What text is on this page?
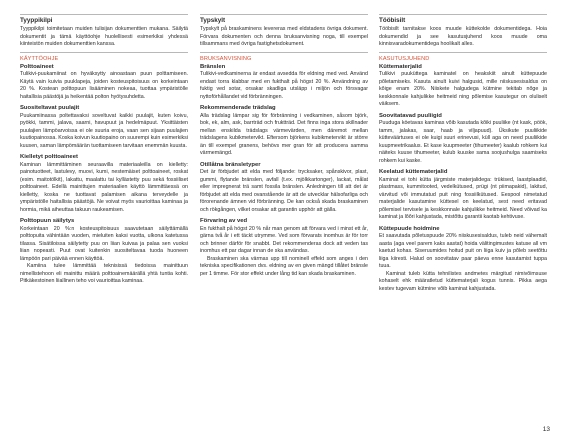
Tyyppikilpi

Tyyppikilpi toimitetaan muiden tulisijan dokumenttien mukana. Säilytä dokumentit ja tämä käyttöohje huolellisesti esimerkiksi yhdessä kiinteistön muiden dokumenttien kanssa.

KÄYTTÖOHJE
Polttoaineet

Tulikivi-puukamiinat on hyväksytty ainoastaan puun polttamiseen. Käytä vain kuivia puuklapeja, joiden kosteuspitoisuus on korkeintaan 20 %. Kostean polttopuun lisääminen nokeaa, tuottaa ympäristölle haitallisia päästöjä ja heikentää polton hyötysuhdetta.

Suositeltavat puulajit

Puukamiinassa poltettavaksi soveltuvat kaikki puulajit, kuten koivu, pyökki, tammi, jalava, saarni, havupuut ja hedelmäpuut. Yksittäisten puulajien lämpöarvoissa ei ole suuria eroja, vaan sen sijaan puulajien kuutiopainossa. Koska koivun kuutiopaino on suurempi kuin esimerkiksi kuusen, saman lämpömäärän tuottamiseen tarvitaan enemmän kuusta.

Kielletyt polttoaineet

Kaminan lämmittäminen seuraavilla materiaaleilla on kielletty: painotuotteet, lastulevy, muovi, kumi, nestemäiset polttoaineet, roskat (esim. maitotölkit), lakattu, maalattu tai kyllästetty puu sekä fossiiliset polttoaineet. Edellä mainittujen materiaalien käyttö lämmittäessä on kielletty, koska ne tuottavat palamisen aikana terveydelle ja ympäristölle haitallisia päästöjä. Ne voivat myös vaurioittaa kaminaa ja hormia, mikä aiheuttaa takuun raukeamisen.

Polttopuun säilytys

Korkeintaan 20 %:n kosteuspitoisuus saavutetaan säilyttämällä polttopuita vähintään vuoden, mieluiten kaksi vuotta, ulkona katetussa tilassa. Sisätiloissa säilytetty puu on liian kuivaa ja palaa sen vuoksi liian nopeasti. Puut ovat kuitenkin suositeltavaa tuoda huoneen lämpöön pari päivää ennen käyttöä.

Kamiina tulee lämmittää teknisissä tiedoissa mainittuun nimellistehoon eli mainittu määrä polttoainemäärällä yhtä tuntia kohti. Pitkäkestoinen liiallinen teho voi vaurioittaa kaminaa.

Typskylt

Typskylt på braskaminens levereras med eldstadens övriga dokument. Förvara dokumenten och denna bruksanvisning noga, till exempel tillsammans med övriga fastighetsdokument.

BRUKSANVISNING
Bränslen

Tulikivi-vedkaminerna är endast avsedda för eldning med ved. Använd endast torra klabbar med en fukthalt på högst 20 %. Användning av fuktig ved sotar, orsakar skadliga utsläpp i miljön och försvagar nyttoförhållandet vid förbränningen.

Rekommenderade trädslag

Alla trädslag lämpar sig för förbränning i vedkaminen, såsom björk, bok, ek, alm, ask, barrträd och fruktträd. Det finns inga stora skillnader mellan enskilda trädslags värmevärden, men däremot mellan trädslagens kubikmetervikt. Eftersom björkens kubikmetervikt är större än till exempel granens, behövs mer gran för att producera samma värmemängd.

Otillåtna bränsletyper

Det är förbjudet att elda med följande: trycksaker, spånskivor, plast, gummi, flytande bränslen, avfall (t.ex. mjölkkartonger), lackat, målat eller impregnerat trä samt fossila bränslen. Anledningen till att det är förbjudet att elda med ovanstående är att de utvecklar hälsofarliga och förorenande ämnen vid förbränning. De kan också skada braskaminen och rökgången, vilket orsakar att garantin upphör att gälla.

Förvaring av ved

En fukthalt på högst 20 % når man genom att förvara ved i minst ett år, gärna två år i ett täckt utrymme. Ved som förvarats inomhus är för torr och brinner därför för snabbt. Det rekommenderas dock att veden tas inomhus ett par dagar innan de ska användas.

Braskaminen ska värmas upp till nominell effekt som anges i den tekniska specifikationen dvs. eldning av en given mängd tillåtet bränsle per 1 timme. För stor effekt under lång tid kan skada braskaminen.

Tööbisilt

Tööbisilt tarnitakse koos muude küttekolde dokumentidega. Hoia dokumendid ja see kasutusjuhend koos muude oma kinnisvaradokumentidega hoolikalt alles.

KASUTUSJUHEND
Küttematerjalid

Tulikivi puuküttega kaminatel on heakskiit ainult küttepuude põletamiseks. Kasuta ainult kuivi halgusid, mille niiskusesisaldus on kõige enam 20%. Niiskete halgudega kütmine tekitab nõge ja keskkonnale kahjulikke heitmeid ning põlemise kasutegur on oluliselt väiksem.

Soovitatavad puuliigid

Puuduga köetavas kaminas võib kasutada kõiki puuliike (nt kask, pöök, tamm, jalakas, saar, haab ja viljapuud). Üksikute puuliikide kütteväärtuses ei ole kuigi suuri erinevusi, küll aga on need puuliikide kuupmeetrikaalus. Et kase kuupmeeter (tihumeeter) kaalub rohkem kui näiteks kuuse tihumeeter, kulub kuuske sama soojushulga saamiseks rohkem kui kaske.

Keelatud küttematerjalid

Kaminat ei tohi kütta järgmiste materjalidega: trükised, laastplaadid, plastmass, kummitooted, vedelkütused, prügi (nt piimapakid), lakitud, värvitud või immutatud puit ning fossiilkütused. Eespool nimetatud materjalide kasutamine küttesel on keelatud, sest need eritavad põlemisel tervisele ja keskkonnale kahjulikke heitmeid. Need võivad ka kaminat ja lõõri kahjustada, mistõttu garantii kaotab kehtivuse.

Küttepuude hoidmine

Et saavutada põletuspuude 20% niiskusesisaldus, tuleb neid vähemalt aasta (aga veel parem kaks aastat) hoida välitingimustes katuse all vm kaetud kohas. Siseruumides hoitud puit on liiga kuiv ja põleb seetõttu liiga kiiresti. Halud on soovitatav paar päeva enne kasutamist tuppa tuua.

Kaminat tuleb kütta tehnilistes andmetes märgitud nimivõimsuse kohaselt ehk määratletud küttematerjali kogus tunnis. Pikka aega kestev tugevam kütmine võib kaminat kahjustada.

13
